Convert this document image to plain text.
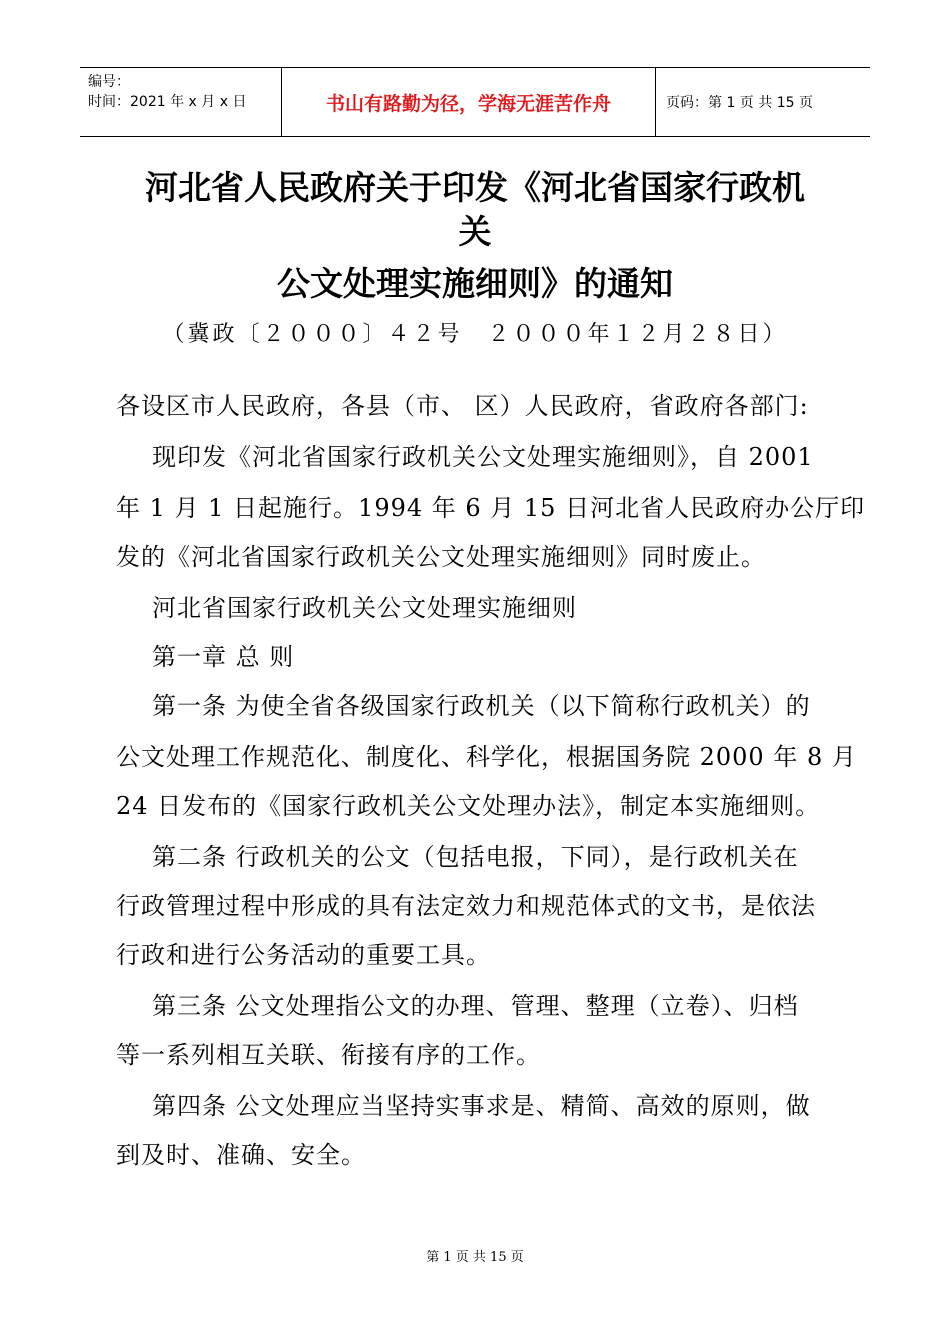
编号：
时间：2021 年 x 月 x 日	书山有路勤为径，学海无涯苦作舟	页码：第 1 页 共 15 页
河北省人民政府关于印发《河北省国家行政机
关
公文处理实施细则》的通知
（冀政〔２０００〕４２号　２０００年１２月２８日）
各设区市人民政府，各县（市、 区）人民政府，省政府各部门:
现印发《河北省国家行政机关公文处理实施细则》，自 2001
年 1 月 1 日起施行。1994 年 6 月 15 日河北省人民政府办公厅印
发的《河北省国家行政机关公文处理实施细则》同时废止。
河北省国家行政机关公文处理实施细则
第一章 总 则
第一条 为使全省各级国家行政机关（以下简称行政机关）的
公文处理工作规范化、制度化、科学化，根据国务院 2000 年 8 月
24 日发布的《国家行政机关公文处理办法》，制定本实施细则。
第二条 行政机关的公文（包括电报，下同），是行政机关在
行政管理过程中形成的具有法定效力和规范体式的文书，是依法
行政和进行公务活动的重要工具。
第三条 公文处理指公文的办理、管理、整理（立卷）、归档
等一系列相互关联、衔接有序的工作。
第四条 公文处理应当坚持实事求是、精简、高效的原则，做
到及时、准确、安全。
第 1 页 共 15 页
